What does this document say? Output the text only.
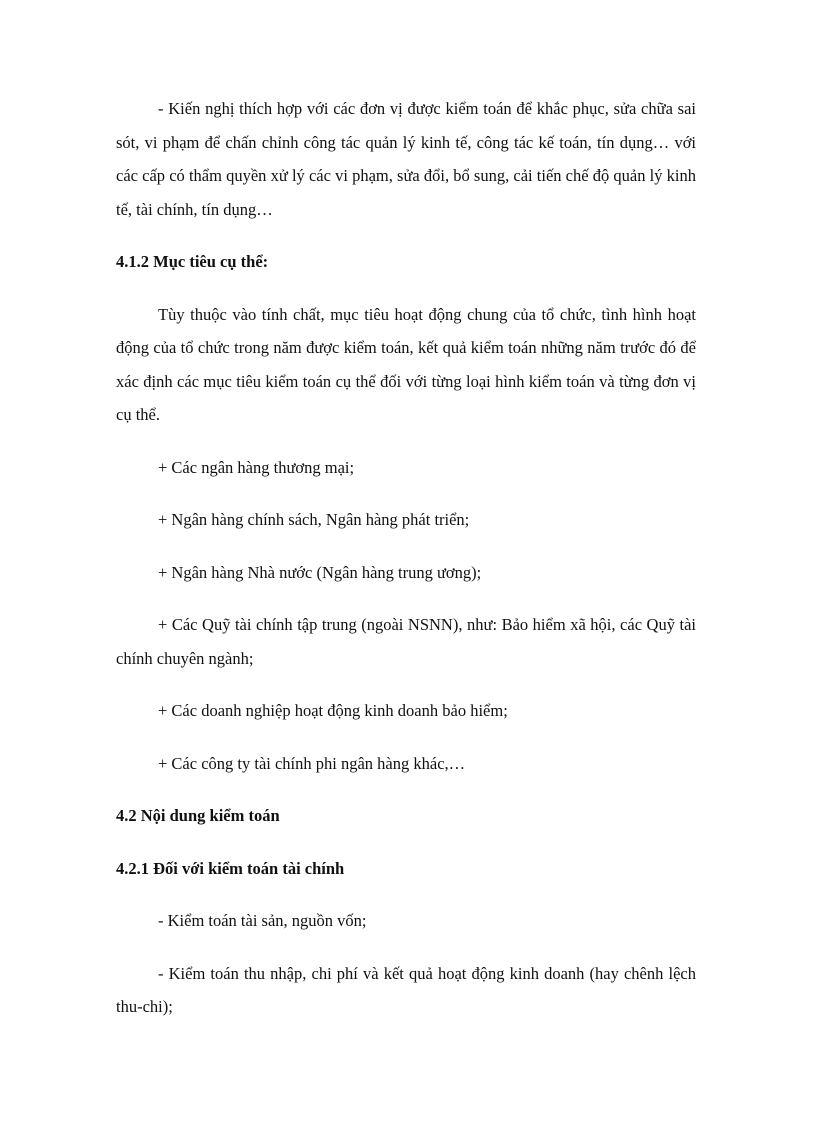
- Kiến nghị thích hợp với các đơn vị được kiểm toán để khắc phục, sửa chữa sai sót, vi phạm để chấn chỉnh công tác quản lý kinh tế, công tác kế toán, tín dụng… với các cấp có thẩm quyền xử lý các vi phạm, sửa đổi, bổ sung, cải tiến chế độ quản lý kinh tế, tài chính, tín dụng…

4.1.2 Mục tiêu cụ thể:

Tùy thuộc vào tính chất, mục tiêu hoạt động chung của tổ chức, tình hình hoạt động của tổ chức trong năm được kiểm toán, kết quả kiểm toán những năm trước đó để xác định các mục tiêu kiểm toán cụ thể đối với từng loại hình kiểm toán và từng đơn vị cụ thể.

+ Các ngân hàng thương mại;

+ Ngân hàng chính sách, Ngân hàng phát triển;

+ Ngân hàng Nhà nước (Ngân hàng trung ương);

+ Các Quỹ tài chính tập trung (ngoài NSNN), như: Bảo hiểm xã hội, các Quỹ tài chính chuyên ngành;

+ Các doanh nghiệp hoạt động kinh doanh bảo hiểm;

+ Các công ty tài chính phi ngân hàng khác,…

4.2 Nội dung kiểm toán

4.2.1 Đối với kiểm toán tài chính

- Kiểm toán tài sản, nguồn vốn;

- Kiểm toán thu nhập, chi phí và kết quả hoạt động kinh doanh (hay chênh lệch thu-chi);
